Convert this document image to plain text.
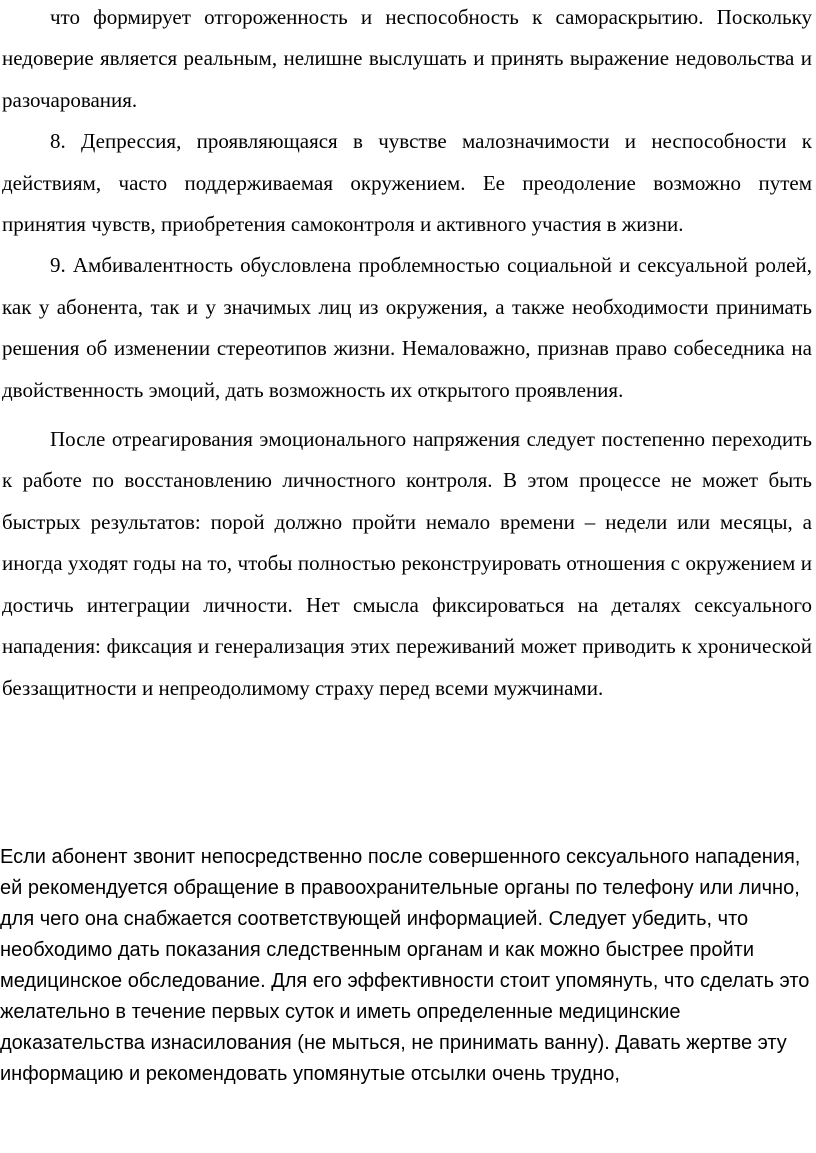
что формирует отгороженность и неспособность к самораскрытию. Поскольку недоверие является реальным, нелишне выслушать и принять выражение недовольства и разочарования.

8. Депрессия, проявляющаяся в чувстве малозначимости и неспособности к действиям, часто поддерживаемая окружением. Ее преодоление возможно путем принятия чувств, приобретения самоконтроля и активного участия в жизни.

9. Амбивалентность обусловлена проблемностью социальной и сексуальной ролей, как у абонента, так и у значимых лиц из окружения, а также необходимости принимать решения об изменении стереотипов жизни. Немаловажно, признав право собеседника на двойственность эмоций, дать возможность их открытого проявления.

После отреагирования эмоционального напряжения следует постепенно переходить к работе по восстановлению личностного контроля. В этом процессе не может быть быстрых результатов: порой должно пройти немало времени – недели или месяцы, а иногда уходят годы на то, чтобы полностью реконструировать отношения с окружением и достичь интеграции личности. Нет смысла фиксироваться на деталях сексуального нападения: фиксация и генерализация этих переживаний может приводить к хронической беззащитности и непреодолимому страху перед всеми мужчинами.

Если абонент звонит непосредственно после совершенного сексуального нападения, ей рекомендуется обращение в правоохранительные органы по телефону или лично, для чего она снабжается соответствующей информацией. Следует убедить, что необходимо дать показания следственным органам и как можно быстрее пройти медицинское обследование. Для его эффективности стоит упомянуть, что сделать это желательно в течение первых суток и иметь определенные медицинские доказательства изнасилования (не мыться, не принимать ванну). Давать жертве эту информацию и рекомендовать упомянутые отсылки очень трудно,
